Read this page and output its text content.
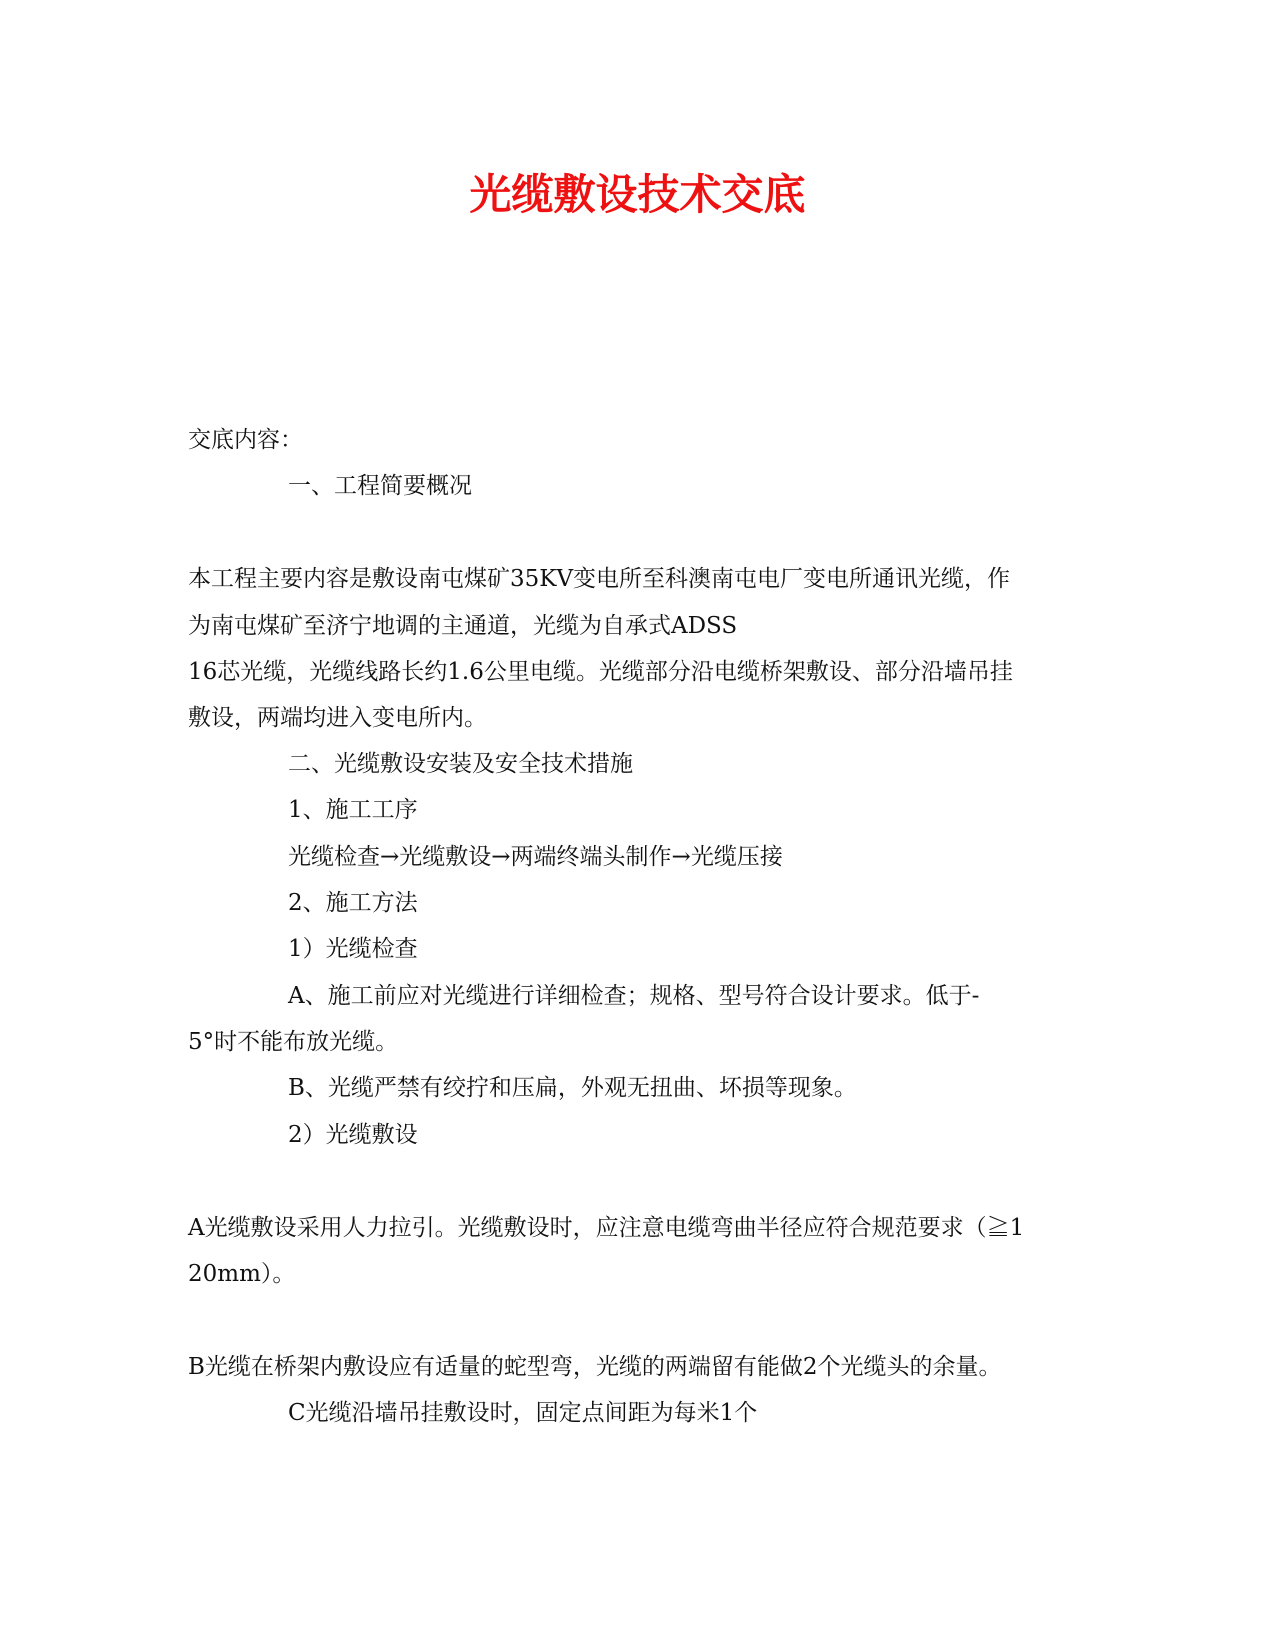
光缆敷设技术交底

交底内容：

一、工程简要概况

本工程主要内容是敷设南屯煤矿35KV变电所至科澳南屯电厂变电所通讯光缆，作

为南屯煤矿至济宁地调的主通道，光缆为自承式ADSS

16芯光缆，光缆线路长约1.6公里电缆。光缆部分沿电缆桥架敷设、部分沿墙吊挂

敷设，两端均进入变电所内。

二、光缆敷设安装及安全技术措施

1、施工工序

光缆检查→光缆敷设→两端终端头制作→光缆压接

2、施工方法

1）光缆检查

A、施工前应对光缆进行详细检查；规格、型号符合设计要求。低于-

5°时不能布放光缆。

B、光缆严禁有绞拧和压扁，外观无扭曲、坏损等现象。

2）光缆敷设

A光缆敷设采用人力拉引。光缆敷设时，应注意电缆弯曲半径应符合规范要求（≧1

20mm）。

B光缆在桥架内敷设应有适量的蛇型弯，光缆的两端留有能做2个光缆头的余量。

C光缆沿墙吊挂敷设时，固定点间距为每米1个
